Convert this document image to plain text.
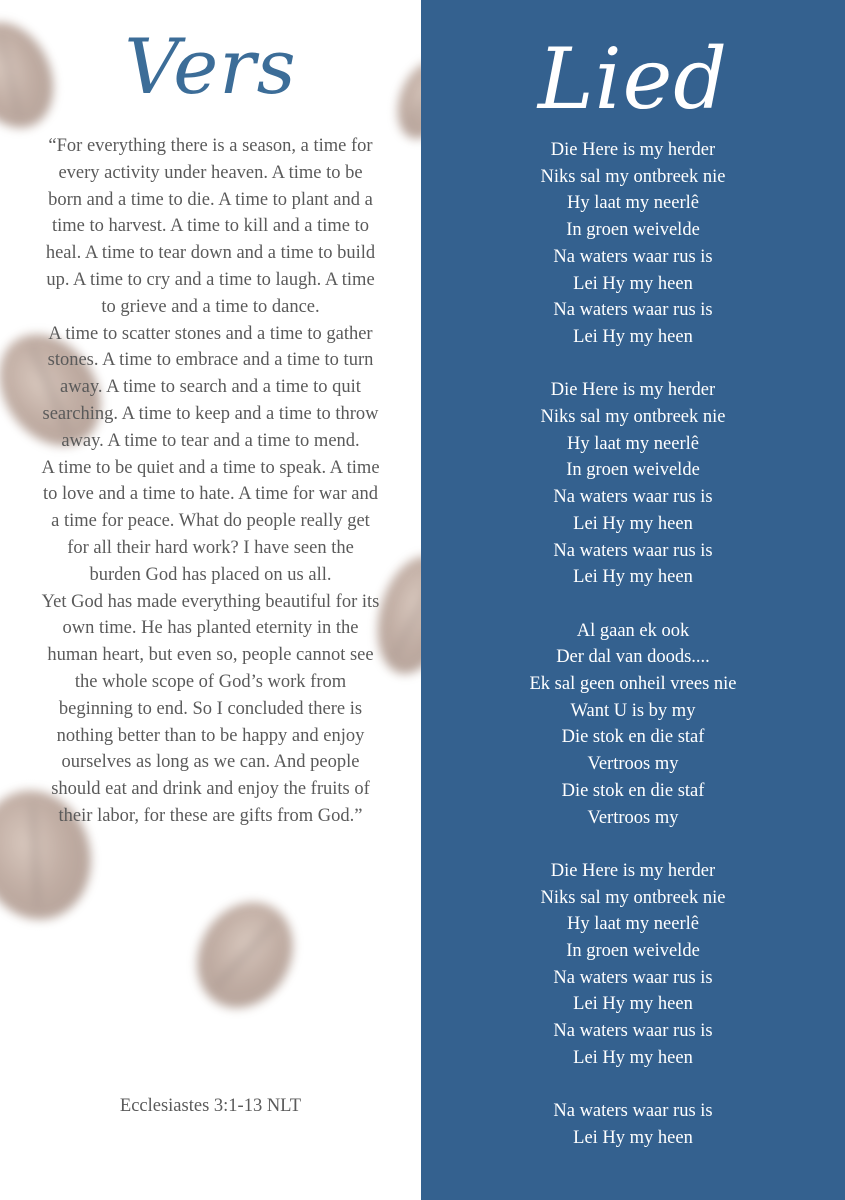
Vers

“For everything there is a season, a time for every activity under heaven. A time to be born and a time to die. A time to plant and a time to harvest. A time to kill and a time to heal. A time to tear down and a time to build up. A time to cry and a time to laugh. A time to grieve and a time to dance.

A time to scatter stones and a time to gather stones. A time to embrace and a time to turn away. A time to search and a time to quit searching. A time to keep and a time to throw away. A time to tear and a time to mend.

A time to be quiet and a time to speak. A time to love and a time to hate. A time for war and a time for peace. What do people really get for all their hard work? I have seen the burden God has placed on us all.

Yet God has made everything beautiful for its own time. He has planted eternity in the human heart, but even so, people cannot see the whole scope of God’s work from beginning to end. So I concluded there is nothing better than to be happy and enjoy ourselves as long as we can. And people should eat and drink and enjoy the fruits of their labor, for these are gifts from God.”

Ecclesiastes 3:1-13 NLT
Lied
Die Here is my herder
Niks sal my ontbreek nie
Hy laat my neerlê
In groen weivelde
Na waters waar rus is
Lei Hy my heen
Na waters waar rus is
Lei Hy my heen
Die Here is my herder
Niks sal my ontbreek nie
Hy laat my neerlê
In groen weivelde
Na waters waar rus is
Lei Hy my heen
Na waters waar rus is
Lei Hy my heen
Al gaan ek ook
Der dal van doods....
Ek sal geen onheil vrees nie
Want U is by my
Die stok en die staf
Vertroos my
Die stok en die staf
Vertroos my
Die Here is my herder
Niks sal my ontbreek nie
Hy laat my neerlê
In groen weivelde
Na waters waar rus is
Lei Hy my heen
Na waters waar rus is
Lei Hy my heen
Na waters waar rus is
Lei Hy my heen
